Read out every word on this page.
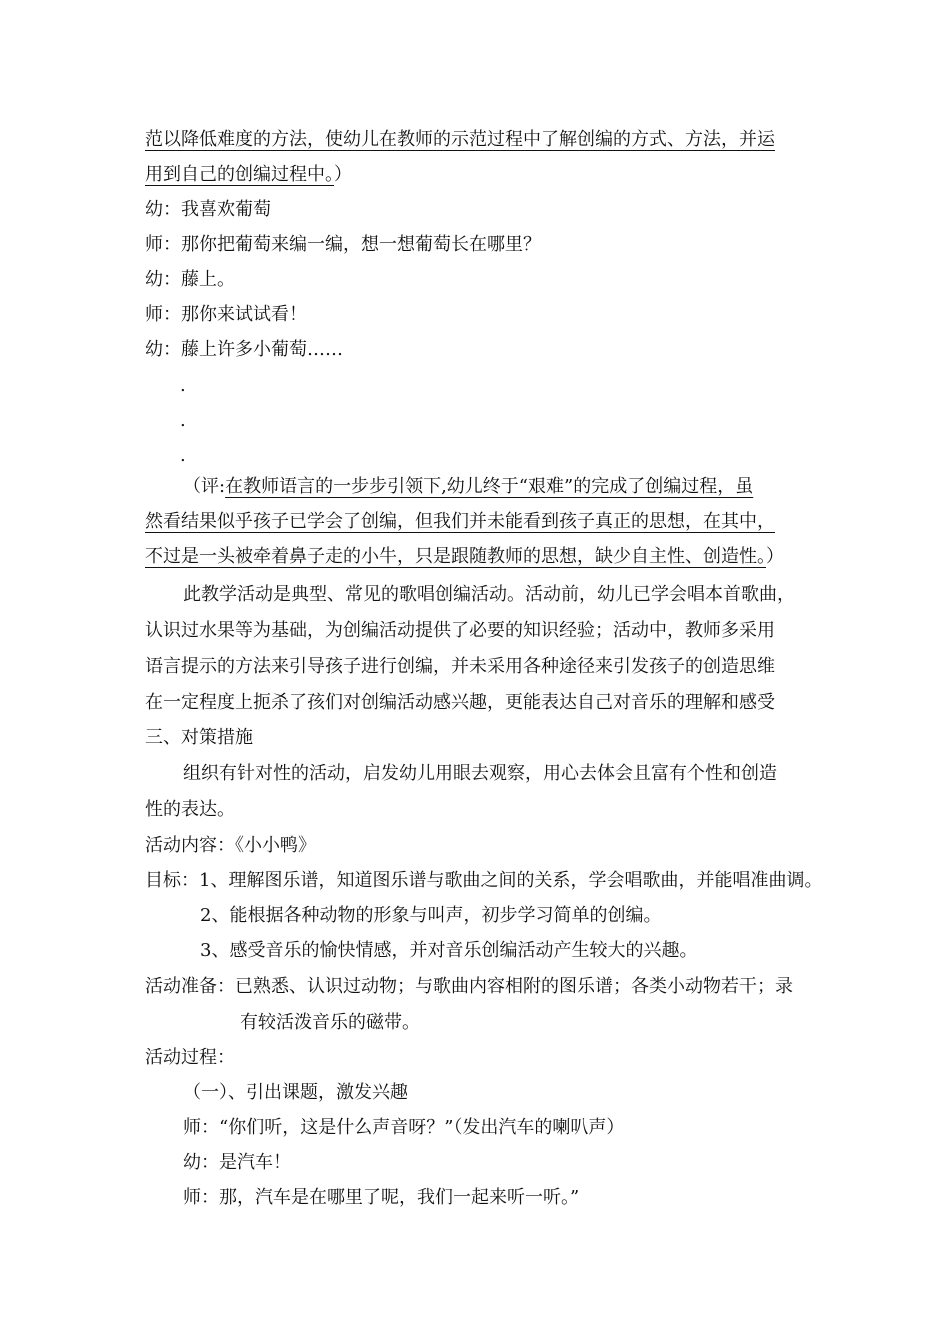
范以降低难度的方法，使幼儿在教师的示范过程中了解创编的方式、方法，并运
用到自己的创编过程中。）
幼：我喜欢葡萄
师：那你把葡萄来编一编，想一想葡萄长在哪里？
幼：藤上。
师：那你来试试看！
幼：藤上许多小葡萄……
.
.
.
（评:在教师语言的一步步引领下,幼儿终于“艰难”的完成了创编过程，虽
然看结果似乎孩子已学会了创编，但我们并未能看到孩子真正的思想，在其中，
不过是一头被牵着鼻子走的小牛，只是跟随教师的思想，缺少自主性、创造性。）
此教学活动是典型、常见的歌唱创编活动。活动前，幼儿已学会唱本首歌曲，
认识过水果等为基础，为创编活动提供了必要的知识经验；活动中，教师多采用
语言提示的方法来引导孩子进行创编，并未采用各种途径来引发孩子的创造思维
在一定程度上扼杀了孩们对创编活动感兴趣，更能表达自己对音乐的理解和感受
三、对策措施
组织有针对性的活动，启发幼儿用眼去观察，用心去体会且富有个性和创造
性的表达。
活动内容：《小小鸭》
目标：1、理解图乐谱，知道图乐谱与歌曲之间的关系，学会唱歌曲，并能唱准曲调。
2、能根据各种动物的形象与叫声，初步学习简单的创编。
3、感受音乐的愉快情感，并对音乐创编活动产生较大的兴趣。
活动准备：已熟悉、认识过动物；与歌曲内容相附的图乐谱；各类小动物若干；录
有较活泼音乐的磁带。
活动过程：
（一）、引出课题，激发兴趣
师：“你们听，这是什么声音呀？”（发出汽车的喇叭声）
幼：是汽车！
师：那，汽车是在哪里了呢，我们一起来听一听。”
